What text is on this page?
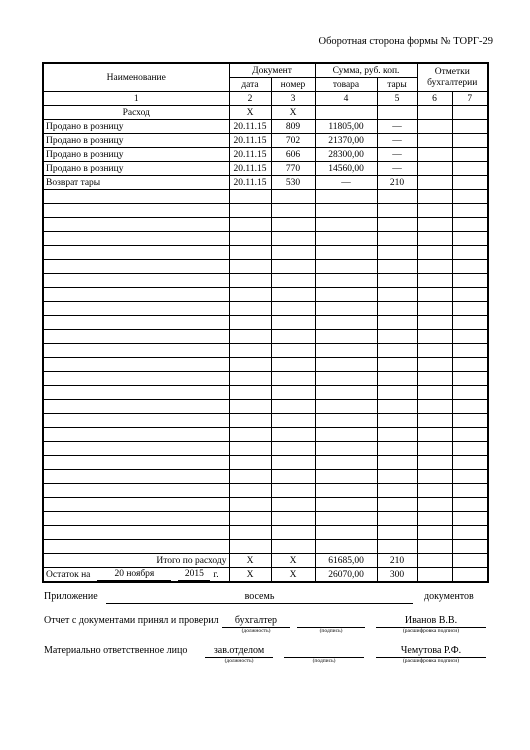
Оборотная сторона формы № ТОРГ-29
Наименование	Документ		Сумма, руб. коп.		Отметки бухгалтерии	
	дата	номер	товара	тары		
1	2	3	4	5	6	7
Расход	X	X				
Продано в розницу	20.11.15	809	11805,00	—		
Продано в розницу	20.11.15	702	21370,00	—		
Продано в розницу	20.11.15	606	28300,00	—		
Продано в розницу	20.11.15	770	14560,00	—		
Возврат тары	20.11.15	530	—	210		

Итого по расходу	X	X	61685,00	210		

Остаток на 20 ноября 2015 г.	X	X	26070,00	300		
Приложение	восемь	документов
Отчет с документами принял и проверил	бухгалтер
(должность)	(подпись)
Иванов В.В.
(расшифровка подписи)
Материально ответственное лицо	зав.отделом
(должность)	(подпись)
Чемутова Р.Ф.
(расшифровка подписи)
